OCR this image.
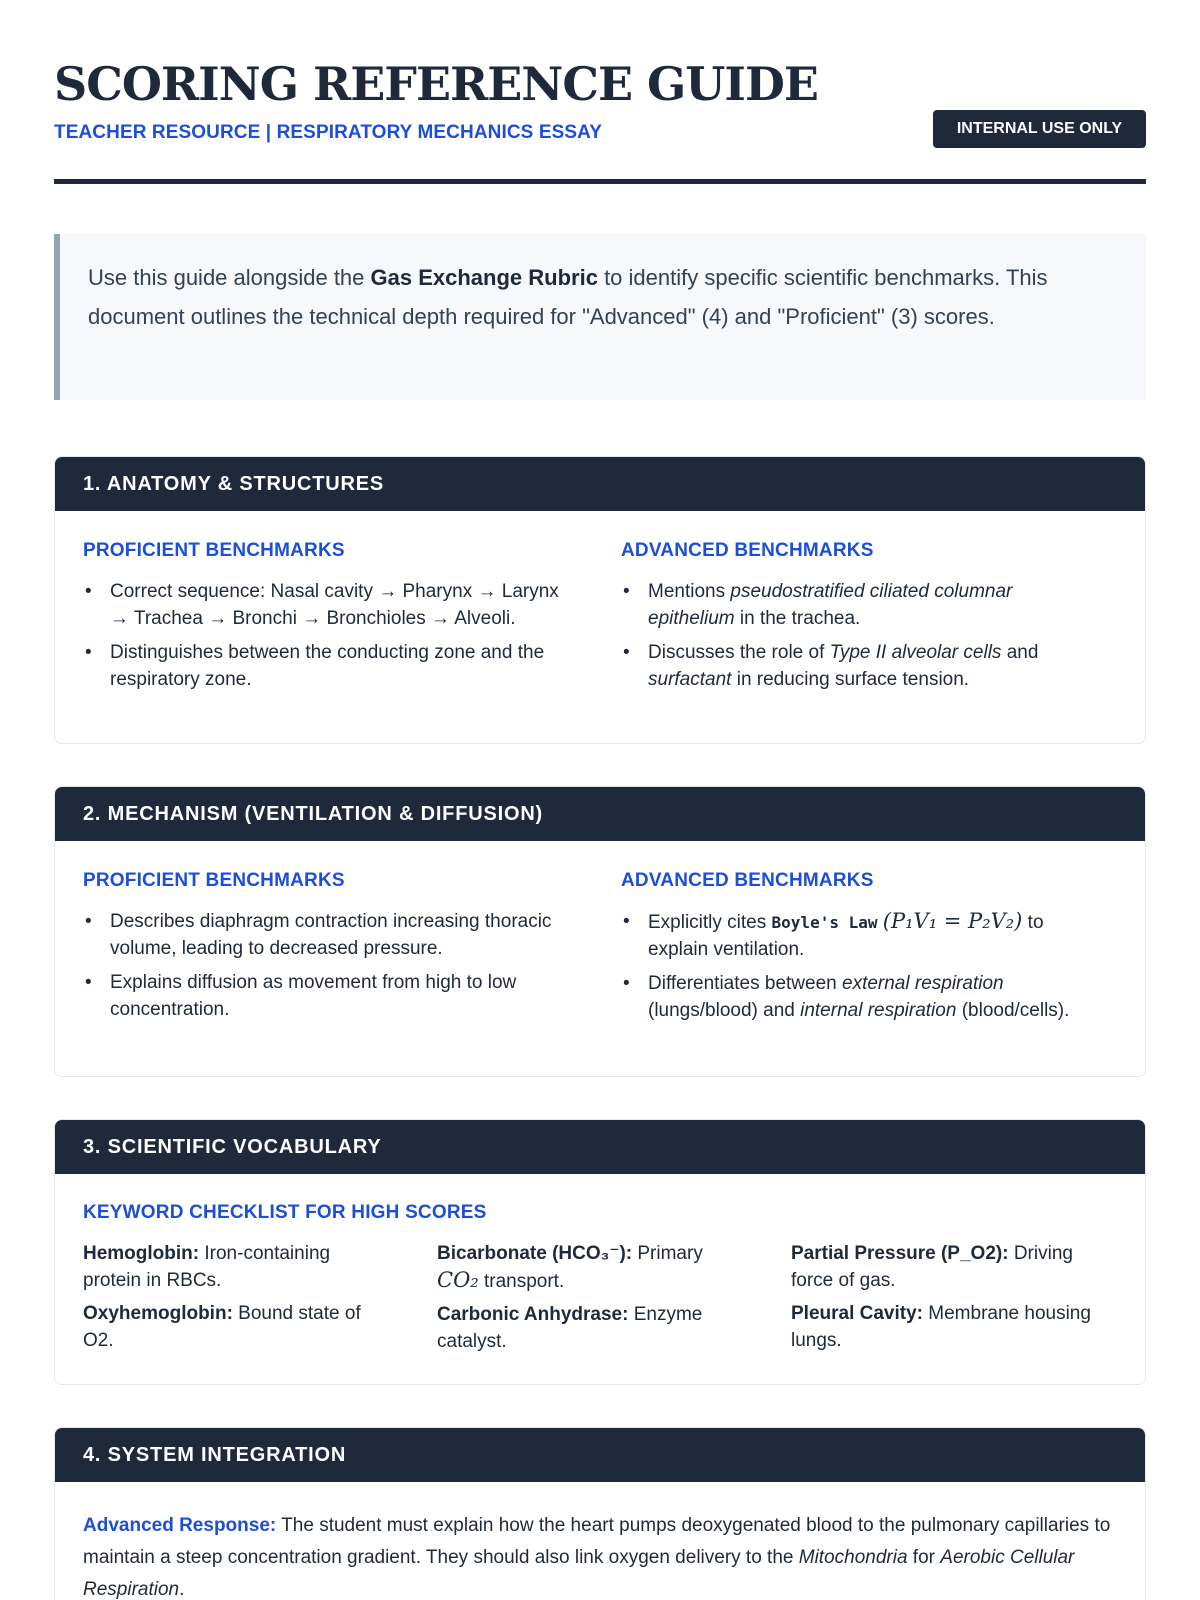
SCORING REFERENCE GUIDE
TEACHER RESOURCE | RESPIRATORY MECHANICS ESSAY	INTERNAL USE ONLY
Use this guide alongside the Gas Exchange Rubric to identify specific scientific benchmarks. This document outlines the technical depth required for "Advanced" (4) and "Proficient" (3) scores.
1. ANATOMY & STRUCTURES
PROFICIENT BENCHMARKS
• Correct sequence: Nasal cavity → Pharynx → Larynx → Trachea → Bronchi → Bronchioles → Alveoli.
• Distinguishes between the conducting zone and the respiratory zone.
ADVANCED BENCHMARKS
• Mentions pseudostratified ciliated columnar epithelium in the trachea.
• Discusses the role of Type II alveolar cells and surfactant in reducing surface tension.
2. MECHANISM (VENTILATION & DIFFUSION)
PROFICIENT BENCHMARKS
• Describes diaphragm contraction increasing thoracic volume, leading to decreased pressure.
• Explains diffusion as movement from high to low concentration.
ADVANCED BENCHMARKS
• Explicitly cites Boyle's Law (P₁V₁ = P₂V₂) to explain ventilation.
• Differentiates between external respiration (lungs/blood) and internal respiration (blood/cells).
3. SCIENTIFIC VOCABULARY
KEYWORD CHECKLIST FOR HIGH SCORES
Hemoglobin: Iron-containing protein in RBCs.
Oxyhemoglobin: Bound state of O2.
Bicarbonate (HCO₃⁻): Primary CO₂ transport.
Carbonic Anhydrase: Enzyme catalyst.
Partial Pressure (P_O2): Driving force of gas.
Pleural Cavity: Membrane housing lungs.
4. SYSTEM INTEGRATION
Advanced Response: The student must explain how the heart pumps deoxygenated blood to the pulmonary capillaries to maintain a steep concentration gradient. They should also link oxygen delivery to the Mitochondria for Aerobic Cellular Respiration.
